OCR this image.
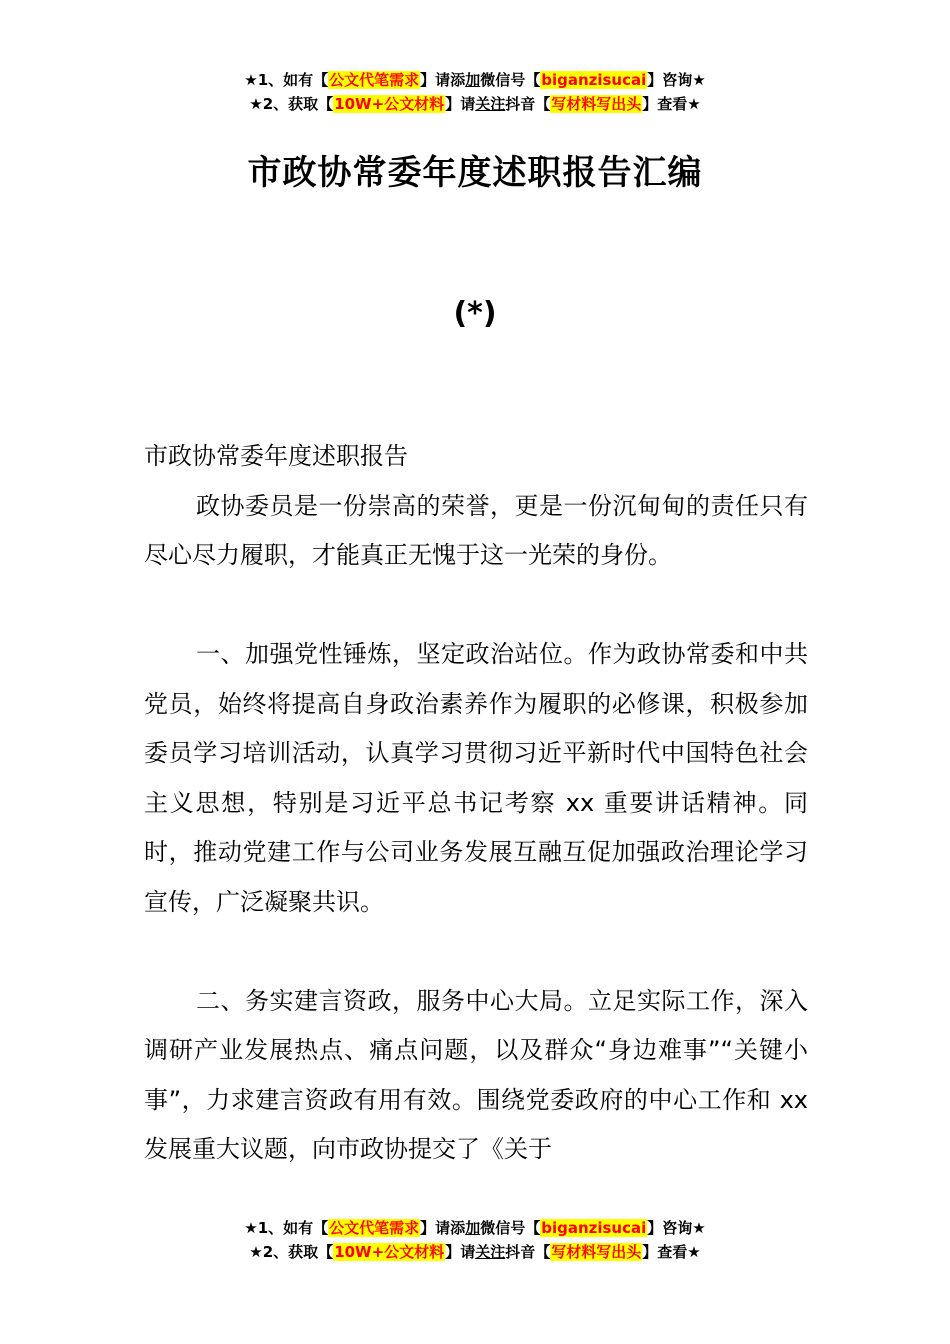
★1、如有【公文代笔需求】请添加微信号【biganzisucai】咨询★
★2、获取【10W+公文材料】请关注抖音【写材料写出头】查看★
市政协常委年度述职报告汇编
(*)
市政协常委年度述职报告
政协委员是一份崇高的荣誉，更是一份沉甸甸的责任只有尽心尽力履职，才能真正无愧于这一光荣的身份。
一、加强党性锤炼，坚定政治站位。作为政协常委和中共党员，始终将提高自身政治素养作为履职的必修课，积极参加委员学习培训活动，认真学习贯彻习近平新时代中国特色社会主义思想，特别是习近平总书记考察 xx 重要讲话精神。同时，推动党建工作与公司业务发展互融互促加强政治理论学习宣传，广泛凝聚共识。
二、务实建言资政，服务中心大局。立足实际工作，深入调研产业发展热点、痛点问题，以及群众“身边难事”“关键小事”，力求建言资政有用有效。围绕党委政府的中心工作和 xx 发展重大议题，向市政协提交了《关于
★1、如有【公文代笔需求】请添加微信号【biganzisucai】咨询★
★2、获取【10W+公文材料】请关注抖音【写材料写出头】查看★
